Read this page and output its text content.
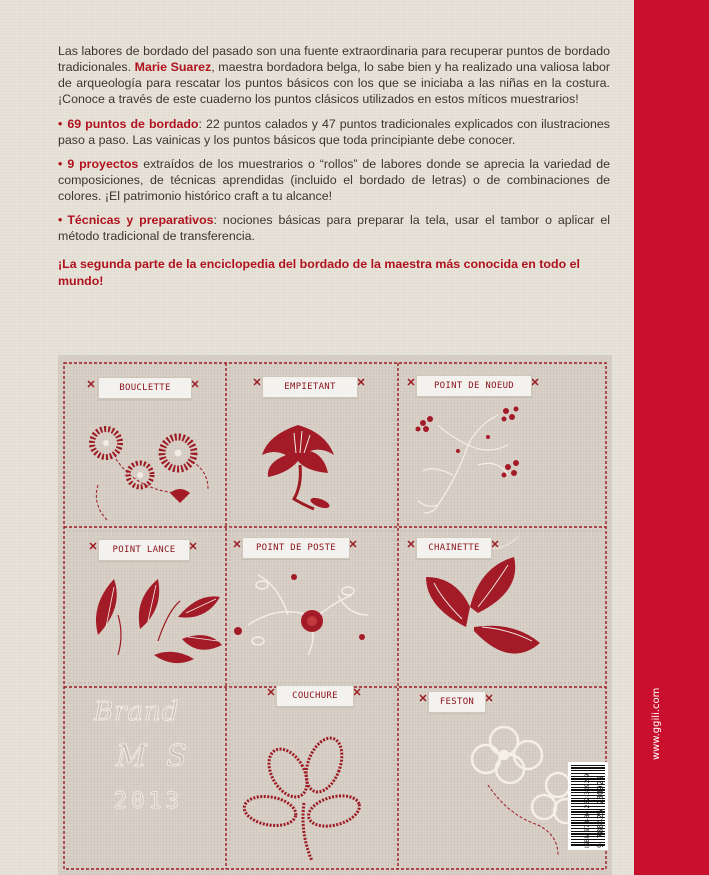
www.ggili.com

Las labores de bordado del pasado son una fuente extraordinaria para recuperar puntos de bordado tradicionales. Marie Suarez, maestra bordadora belga, lo sabe bien y ha realizado una valiosa labor de arqueología para rescatar los puntos básicos con los que se iniciaba a las niñas en la costura. ¡Conoce a través de este cuaderno los puntos clásicos utilizados en estos míticos muestrarios!

• 69 puntos de bordado: 22 puntos calados y 47 puntos tradicionales explicados con ilustraciones paso a paso. Las vainicas y los puntos básicos que toda principiante debe conocer.

• 9 proyectos extraídos de los muestrarios o “rollos” de labores donde se aprecia la variedad de composiciones, de técnicas aprendidas (incluido el bordado de letras) o de combinaciones de colores. ¡El patrimonio histórico craft a tu alcance!

• Técnicas y preparativos: nociones básicas para preparar la tela, usar el tambor o aplicar el método tradicional de transferencia.

¡La segunda parte de la enciclopedia del bordado de la maestra más conocida en todo el mundo!

Brand
M S
2013
BOUCLETTE	EMPIETANT	POINT DE NOEUD
POINT LANCE	POINT DE POSTE	CHAINETTE
COUCHURE
FESTON
ISBN 978-84-252-3092-9 9 788425 230929
